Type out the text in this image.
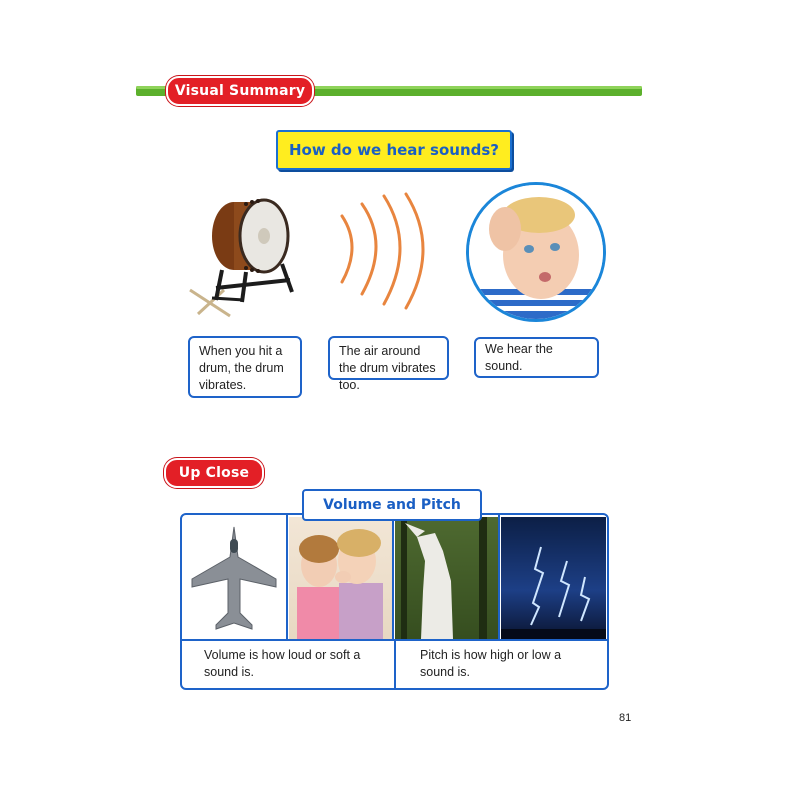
Visual Summary
How do we hear sounds?
When you hit a drum, the drum vibrates.
The air around the drum vibrates too.
We hear the sound.
Up Close
Volume and Pitch
Volume is how loud or soft a sound is.
Pitch is how high or low a sound is.
81
